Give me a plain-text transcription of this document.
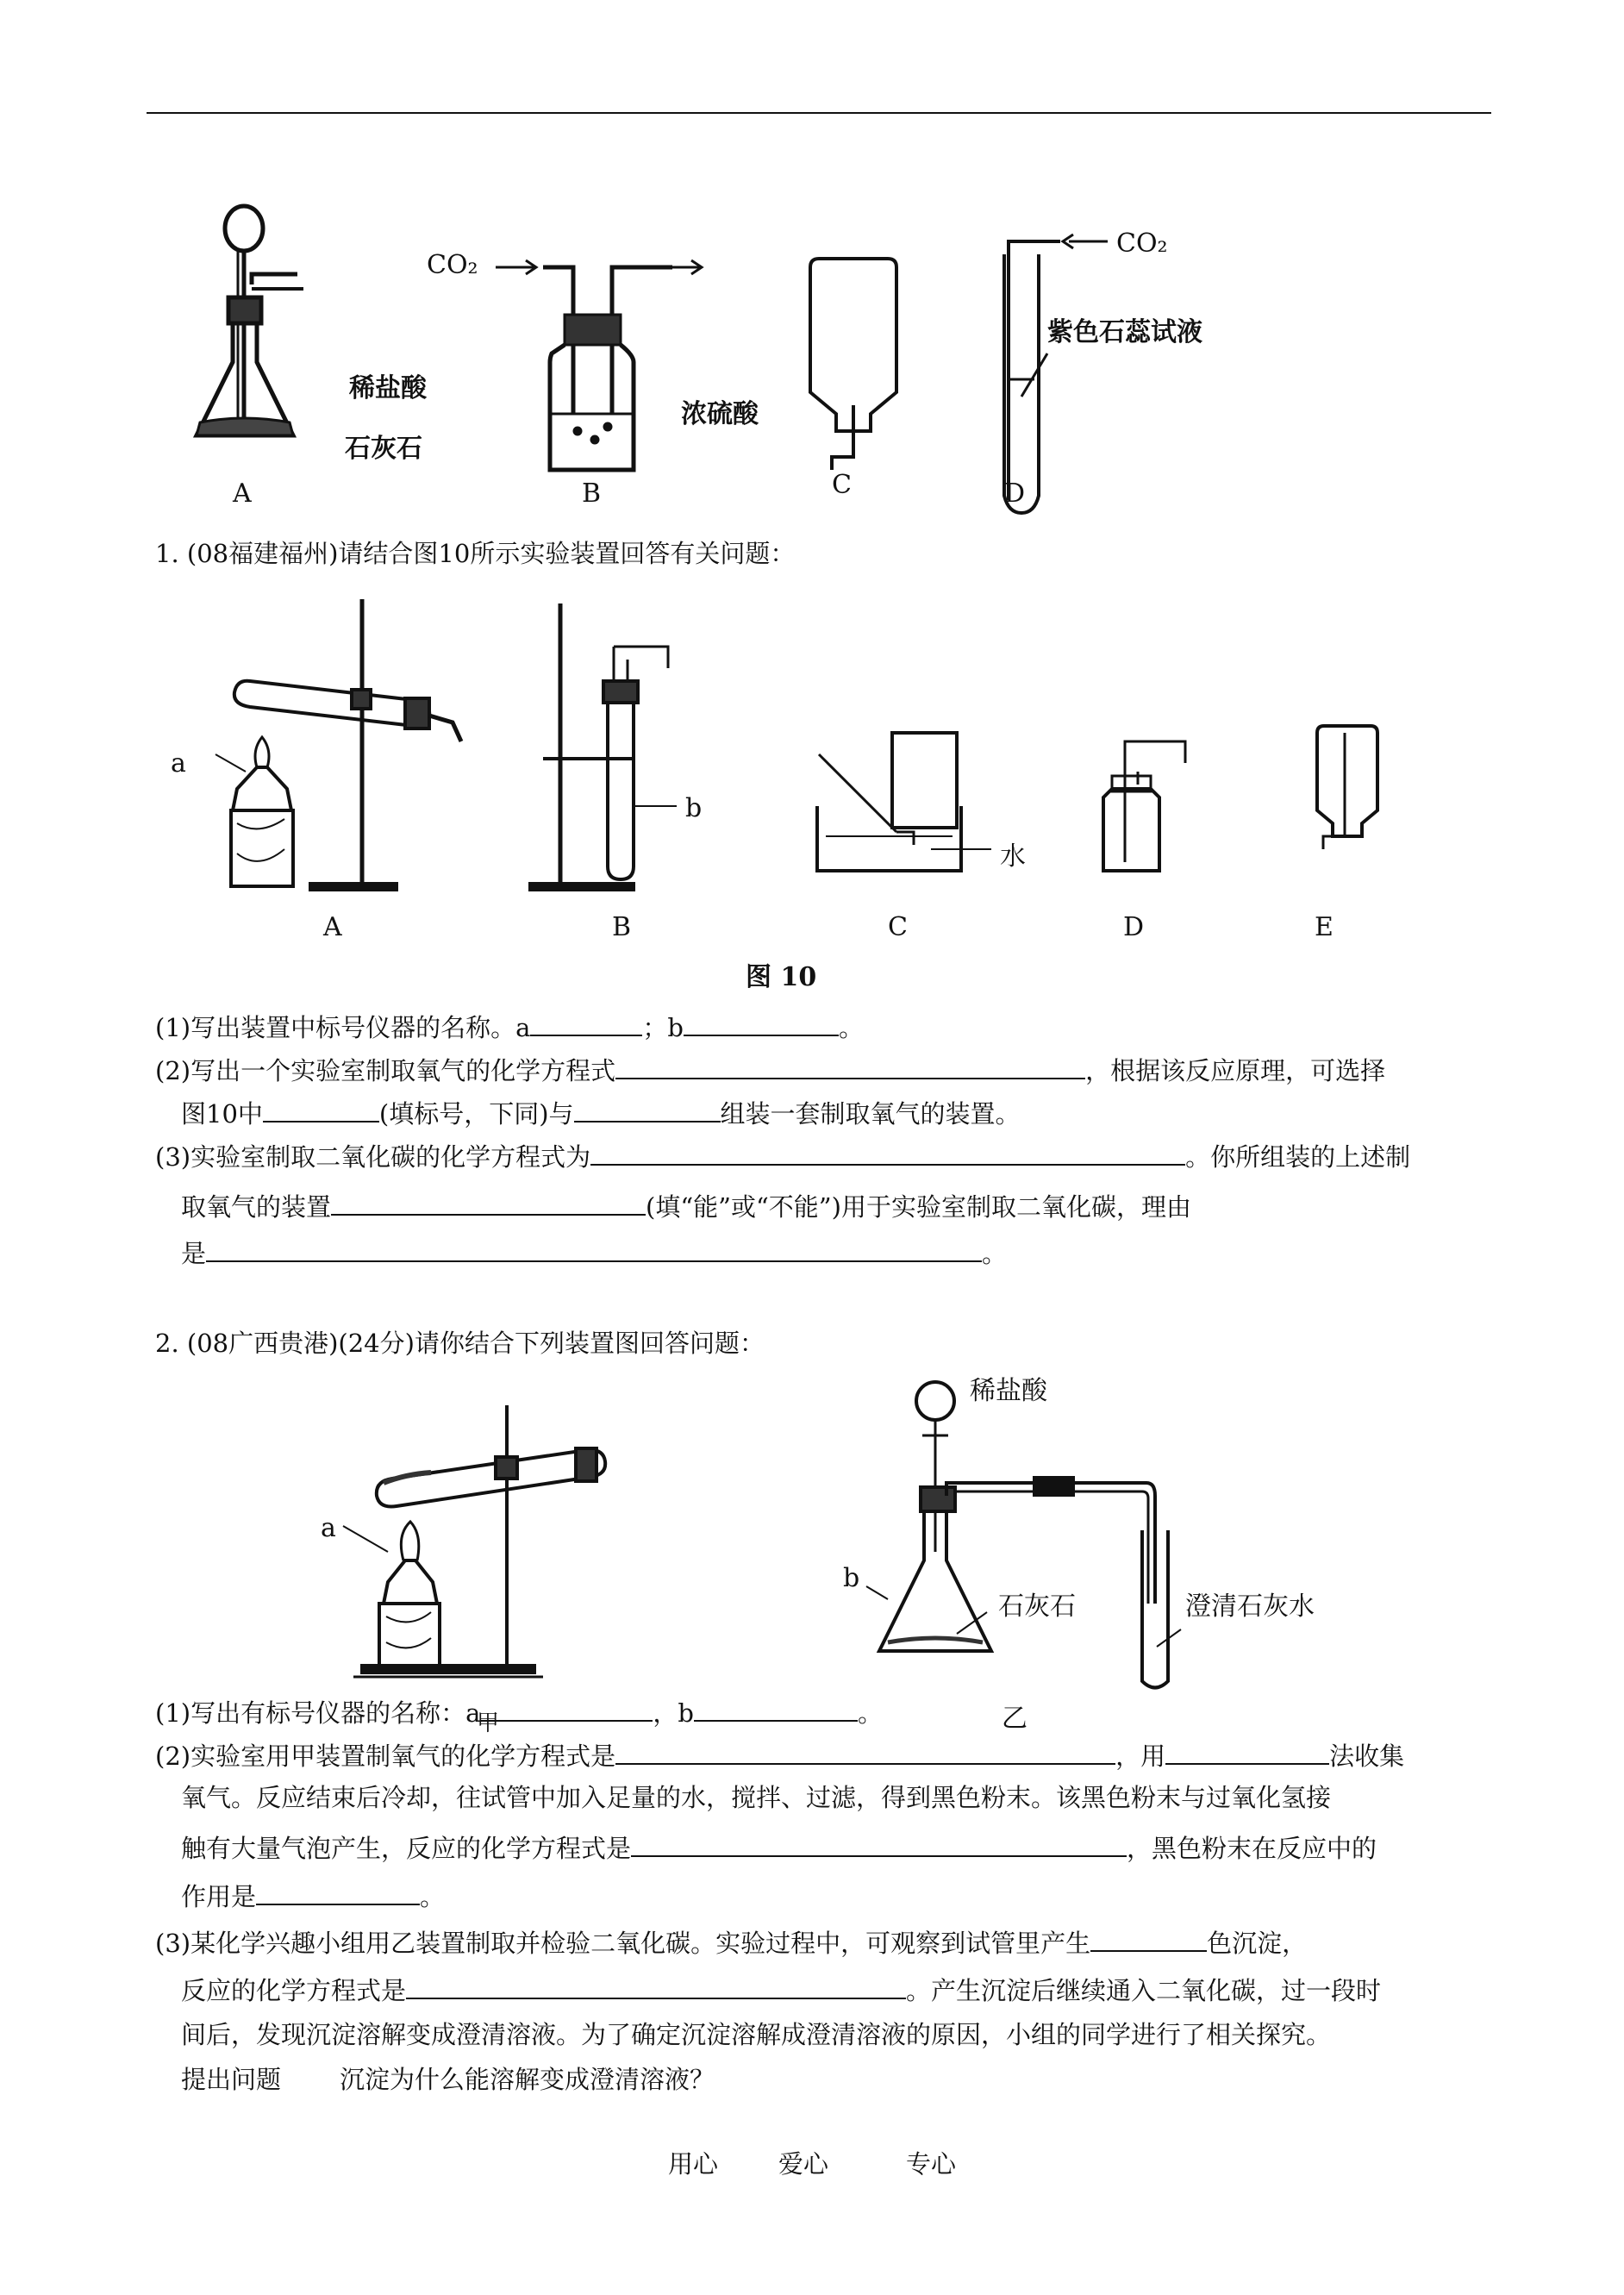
CO₂
CO₂
稀盐酸
石灰石
浓硫酸
紫色石蕊试液
A	B	C	D
1. (08福建福州)请结合图10所示实验装置回答有关问题：
a
b
水
A	B	C	D	E
图 10
(1)写出装置中标号仪器的名称。a	；b	。
(2)写出一个实验室制取氧气的化学方程式	，根据该反应原理，可选择
图10中	(填标号，下同)与	组装一套制取氧气的装置。
(3)实验室制取二氧化碳的化学方程式为	。你所组装的上述制
取氧气的装置	(填“能”或“不能”)用于实验室制取二氧化碳，理由
是	。
2. (08广西贵港)(24分)请你结合下列装置图回答问题：
a
b
稀盐酸
石灰石	澄清石灰水
乙
(1)写出有标号仪器的名称：a	，b	。
甲
(2)实验室用甲装置制氧气的化学方程式是	，用	法收集
氧气。反应结束后冷却，往试管中加入足量的水，搅拌、过滤，得到黑色粉末。该黑色粉末与过氧化氢接
触有大量气泡产生，反应的化学方程式是	，黑色粉末在反应中的
作用是	。
(3)某化学兴趣小组用乙装置制取并检验二氧化碳。实验过程中，可观察到试管里产生	色沉淀，
反应的化学方程式是	。产生沉淀后继续通入二氧化碳，过一段时
间后，发现沉淀溶解变成澄清溶液。为了确定沉淀溶解成澄清溶液的原因，小组的同学进行了相关探究。
提出问题 沉淀为什么能溶解变成澄清溶液？
用心 爱心	专心
